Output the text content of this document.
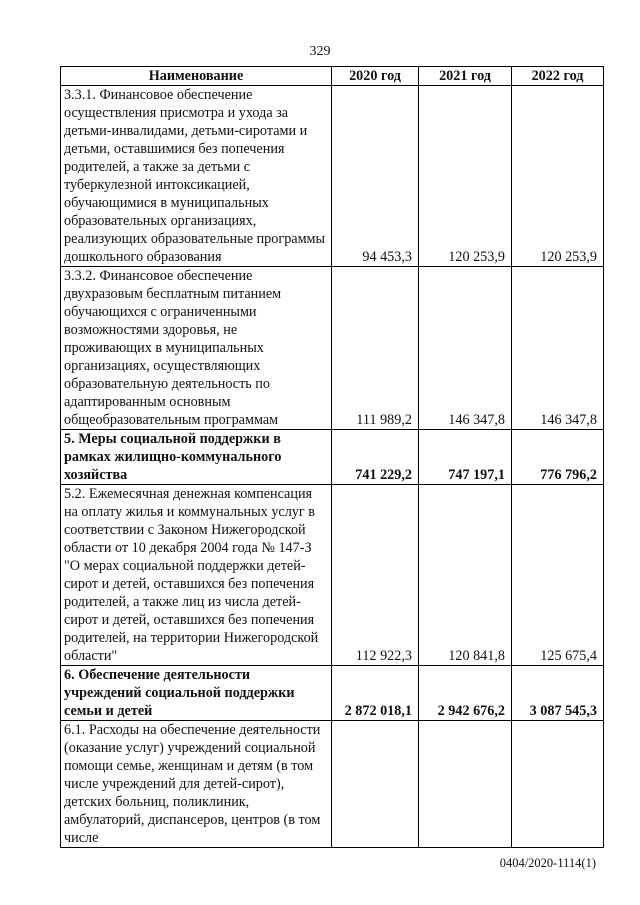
329
Наименование	2020 год	2021 год	2022 год
3.3.1. Финансовое обеспечение осуществления присмотра и ухода за детьми-инвалидами, детьми-сиротами и детьми, оставшимися без попечения родителей, а также за детьми с туберкулезной интоксикацией, обучающимися в муниципальных образовательных организациях, реализующих образовательные программы дошкольного образования	94 453,3	120 253,9	120 253,9
3.3.2. Финансовое обеспечение двухразовым бесплатным питанием обучающихся с ограниченными возможностями здоровья, не проживающих в муниципальных организациях, осуществляющих образовательную деятельность по адаптированным основным общеобразовательным программам	111 989,2	146 347,8	146 347,8
5. Меры социальной поддержки в рамках жилищно-коммунального хозяйства	741 229,2	747 197,1	776 796,2
5.2. Ежемесячная денежная компенсация на оплату жилья и коммунальных услуг в соответствии с Законом Нижегородской области от 10 декабря 2004 года № 147-З "О мерах социальной поддержки детей-сирот и детей, оставшихся без попечения родителей, а также лиц из числа детей-сирот и детей, оставшихся без попечения родителей, на территории Нижегородской области"	112 922,3	120 841,8	125 675,4
6. Обеспечение деятельности учреждений социальной поддержки семьи и детей	2 872 018,1	2 942 676,2	3 087 545,3
6.1. Расходы на обеспечение деятельности (оказание услуг) учреждений социальной помощи семье, женщинам и детям (в том числе учреждений для детей-сирот), детских больниц, поликлиник, амбулаторий, диспансеров, центров (в том числе			
0404/2020-1114(1)
